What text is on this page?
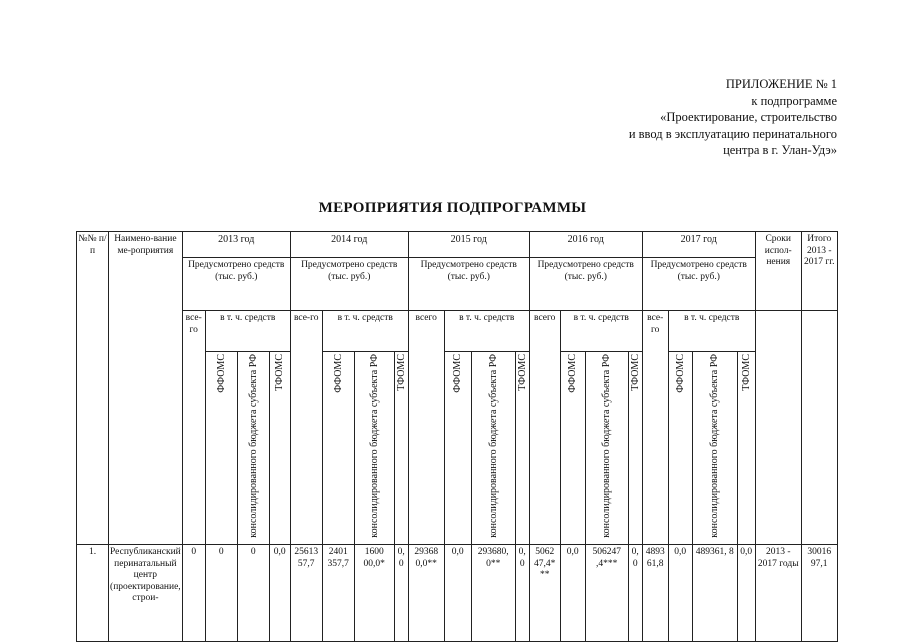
ПРИЛОЖЕНИЕ № 1
к подпрограмме
«Проектирование, строительство
и ввод в эксплуатацию перинатального
центра в г. Улан-Удэ»
МЕРОПРИЯТИЯ ПОДПРОГРАММЫ
№№ п/п	Наимено-вание ме-роприятия	2013 год				2014 год				2015 год				2016 год				2017 год				Сроки испол-нения	Итого 2013 - 2017 гг.
		Предусмотрено средств (тыс. руб.)				Предусмотрено средств (тыс. руб.)				Предусмотрено средств (тыс. руб.)				Предусмотрено средств (тыс. руб.)				Предусмотрено средств (тыс. руб.)					
		все-го	в т. ч. средств			все-го	в т. ч. средств			всего	в т. ч. средств			всего	в т. ч. средств			все-го	в т. ч. средств				
			ФФОМС	консолидированного бюджета субъекта РФ	ТФОМС		ФФОМС	консолидированного бюджета субъекта РФ	ТФОМС		ФФОМС	консолидированного бюджета субъекта РФ	ТФОМС		ФФОМС	консолидированного бюджета субъекта РФ	ТФОМС		ФФОМС	консолидированного бюджета субъекта РФ	ТФОМС		
1.	Республиканский перинатальный центр (проектирование, строи-	0	0	0	0,0	25613 57,7	2401 357,7	1600 00,0*	0, 0	29368 0,0**	0,0	293680, 0**	0, 0	5062 47,4* **	0,0	506247 ,4***	0, 0	4893 61,8	0,0	489361, 8	0,0	2013 - 2017 годы	30016 97,1
